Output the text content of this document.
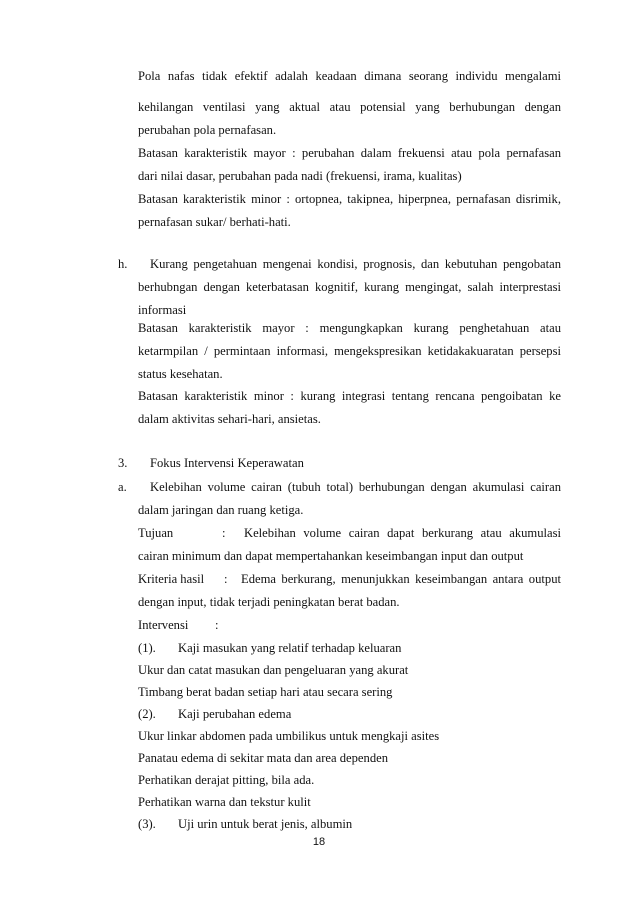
Pola nafas tidak efektif adalah keadaan dimana seorang individu mengalami
kehilangan ventilasi yang aktual atau potensial yang berhubungan dengan
perubahan pola pernafasan.
Batasan karakteristik mayor : perubahan dalam frekuensi atau pola pernafasan
dari nilai dasar, perubahan pada nadi (frekuensi, irama, kualitas)
Batasan karakteristik minor : ortopnea, takipnea, hiperpnea, pernafasan disrimik,
pernafasan sukar/ berhati-hati.
h. Kurang pengetahuan mengenai kondisi, prognosis, dan kebutuhan pengobatan
berhubngan dengan keterbatasan kognitif, kurang mengingat, salah interprestasi
informasi
Batasan karakteristik mayor : mengungkapkan kurang penghetahuan atau
ketarmpilan / permintaan informasi, mengekspresikan ketidakakuaratan persepsi
status kesehatan.
Batasan karakteristik minor : kurang integrasi tentang rencana pengoibatan ke
dalam aktivitas sehari-hari, ansietas.
3. Fokus Intervensi Keperawatan
a. Kelebihan volume cairan (tubuh total) berhubungan dengan akumulasi cairan
dalam jaringan dan ruang ketiga.
Tujuan	: Kelebihan volume cairan dapat berkurang atau akumulasi
cairan minimum dan dapat mempertahankan keseimbangan input dan output
Kriteria hasil : Edema berkurang, menunjukkan keseimbangan antara output
dengan input, tidak terjadi peningkatan berat badan.
Intervensi :
(1). Kaji masukan yang relatif terhadap keluaran
Ukur dan catat masukan dan pengeluaran yang akurat
Timbang berat badan setiap hari atau secara sering
(2). Kaji perubahan edema
Ukur linkar abdomen pada umbilikus untuk mengkaji asites
Panatau edema di sekitar mata dan area dependen
Perhatikan derajat pitting, bila ada.
Perhatikan warna dan tekstur kulit
(3). Uji urin untuk berat jenis, albumin
18
